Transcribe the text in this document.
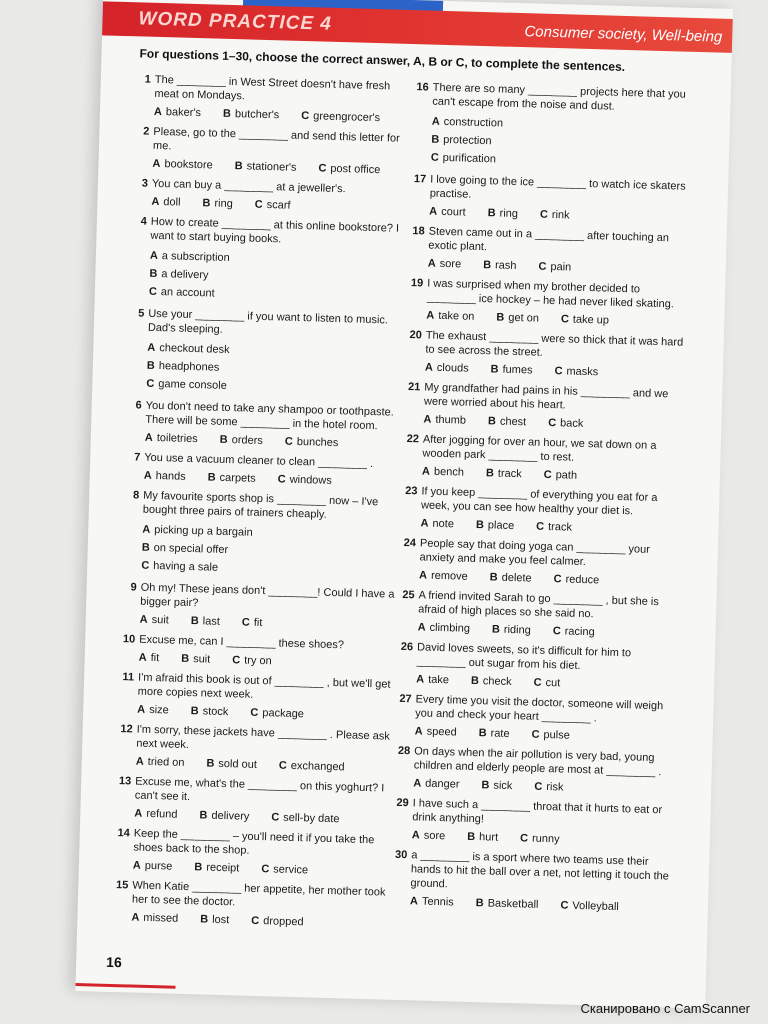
WORD PRACTICE 4	Consumer society, Well-being
For questions 1–30, choose the correct answer, A, B or C, to complete the sentences.
1 The ________ in West Street doesn't have fresh meat on Mondays.
A baker's B butcher's C greengrocer's
2 Please, go to the ________ and send this letter for me.
A bookstore B stationer's C post office
3 You can buy a ________ at a jeweller's.
A doll B ring C scarf
4 How to create ________ at this online bookstore? I want to start buying books.
A a subscription
B a delivery
C an account
5 Use your ________ if you want to listen to music. Dad's sleeping.
A checkout desk
B headphones
C game console
6 You don't need to take any shampoo or toothpaste. There will be some ________ in the hotel room.
A toiletries B orders C bunches
7 You use a vacuum cleaner to clean ________ .
A hands B carpets C windows
8 My favourite sports shop is ________ now – I've bought three pairs of trainers cheaply.
A picking up a bargain
B on special offer
C having a sale
9 Oh my! These jeans don't ________! Could I have a bigger pair?
A suit B last C fit
10 Excuse me, can I ________ these shoes?
A fit B suit C try on
11 I'm afraid this book is out of ________ , but we'll get more copies next week.
A size B stock C package
12 I'm sorry, these jackets have ________ . Please ask next week.
A tried on B sold out C exchanged
13 Excuse me, what's the ________ on this yoghurt? I can't see it.
A refund B delivery C sell-by date
14 Keep the ________ – you'll need it if you take the shoes back to the shop.
A purse B receipt C service
15 When Katie ________ her appetite, her mother took her to see the doctor.
A missed B lost C dropped
16 There are so many ________ projects here that you can't escape from the noise and dust.
A construction
B protection
C purification
17 I love going to the ice ________ to watch ice skaters practise.
A court B ring C rink
18 Steven came out in a ________ after touching an exotic plant.
A sore B rash C pain
19 I was surprised when my brother decided to ________ ice hockey – he had never liked skating.
A take on B get on C take up
20 The exhaust ________ were so thick that it was hard to see across the street.
A clouds B fumes C masks
21 My grandfather had pains in his ________ and we were worried about his heart.
A thumb B chest C back
22 After jogging for over an hour, we sat down on a wooden park ________ to rest.
A bench B track C path
23 If you keep ________ of everything you eat for a week, you can see how healthy your diet is.
A note B place C track
24 People say that doing yoga can ________ your anxiety and make you feel calmer.
A remove B delete C reduce
25 A friend invited Sarah to go ________ , but she is afraid of high places so she said no.
A climbing B riding C racing
26 David loves sweets, so it's difficult for him to ________ out sugar from his diet.
A take B check C cut
27 Every time you visit the doctor, someone will weigh you and check your heart ________ .
A speed B rate C pulse
28 On days when the air pollution is very bad, young children and elderly people are most at ________ .
A danger B sick C risk
29 I have such a ________ throat that it hurts to eat or drink anything!
A sore B hurt C runny
30 a ________ is a sport where two teams use their hands to hit the ball over a net, not letting it touch the ground.
A Tennis B Basketball C Volleyball
16
Сканировано с CamScanner
